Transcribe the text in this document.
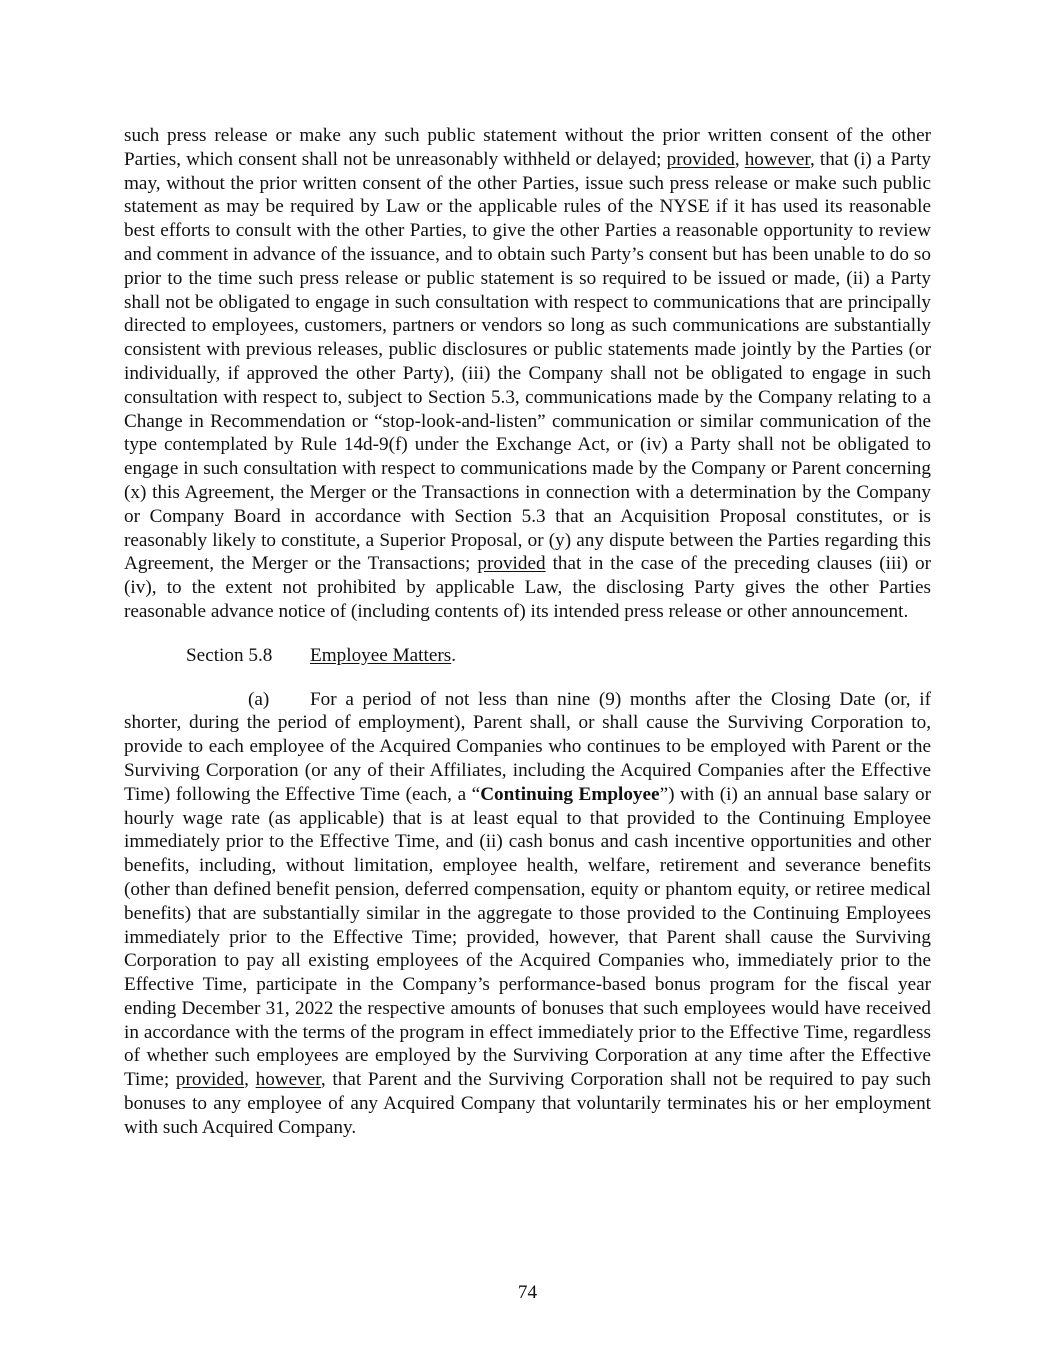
such press release or make any such public statement without the prior written consent of the other Parties, which consent shall not be unreasonably withheld or delayed; provided, however, that (i) a Party may, without the prior written consent of the other Parties, issue such press release or make such public statement as may be required by Law or the applicable rules of the NYSE if it has used its reasonable best efforts to consult with the other Parties, to give the other Parties a reasonable opportunity to review and comment in advance of the issuance, and to obtain such Party’s consent but has been unable to do so prior to the time such press release or public statement is so required to be issued or made, (ii) a Party shall not be obligated to engage in such consultation with respect to communications that are principally directed to employees, customers, partners or vendors so long as such communications are substantially consistent with previous releases, public disclosures or public statements made jointly by the Parties (or individually, if approved the other Party), (iii) the Company shall not be obligated to engage in such consultation with respect to, subject to Section 5.3, communications made by the Company relating to a Change in Recommendation or “stop-look-and-listen” communication or similar communication of the type contemplated by Rule 14d-9(f) under the Exchange Act, or (iv) a Party shall not be obligated to engage in such consultation with respect to communications made by the Company or Parent concerning (x) this Agreement, the Merger or the Transactions in connection with a determination by the Company or Company Board in accordance with Section 5.3 that an Acquisition Proposal constitutes, or is reasonably likely to constitute, a Superior Proposal, or (y) any dispute between the Parties regarding this Agreement, the Merger or the Transactions; provided that in the case of the preceding clauses (iii) or (iv), to the extent not prohibited by applicable Law, the disclosing Party gives the other Parties reasonable advance notice of (including contents of) its intended press release or other announcement.

Section 5.8 Employee Matters.

(a) For a period of not less than nine (9) months after the Closing Date (or, if shorter, during the period of employment), Parent shall, or shall cause the Surviving Corporation to, provide to each employee of the Acquired Companies who continues to be employed with Parent or the Surviving Corporation (or any of their Affiliates, including the Acquired Companies after the Effective Time) following the Effective Time (each, a “Continuing Employee”) with (i) an annual base salary or hourly wage rate (as applicable) that is at least equal to that provided to the Continuing Employee immediately prior to the Effective Time, and (ii) cash bonus and cash incentive opportunities and other benefits, including, without limitation, employee health, welfare, retirement and severance benefits (other than defined benefit pension, deferred compensation, equity or phantom equity, or retiree medical benefits) that are substantially similar in the aggregate to those provided to the Continuing Employees immediately prior to the Effective Time; provided, however, that Parent shall cause the Surviving Corporation to pay all existing employees of the Acquired Companies who, immediately prior to the Effective Time, participate in the Company’s performance-based bonus program for the fiscal year ending December 31, 2022 the respective amounts of bonuses that such employees would have received in accordance with the terms of the program in effect immediately prior to the Effective Time, regardless of whether such employees are employed by the Surviving Corporation at any time after the Effective Time; provided, however, that Parent and the Surviving Corporation shall not be required to pay such bonuses to any employee of any Acquired Company that voluntarily terminates his or her employment with such Acquired Company.

74
